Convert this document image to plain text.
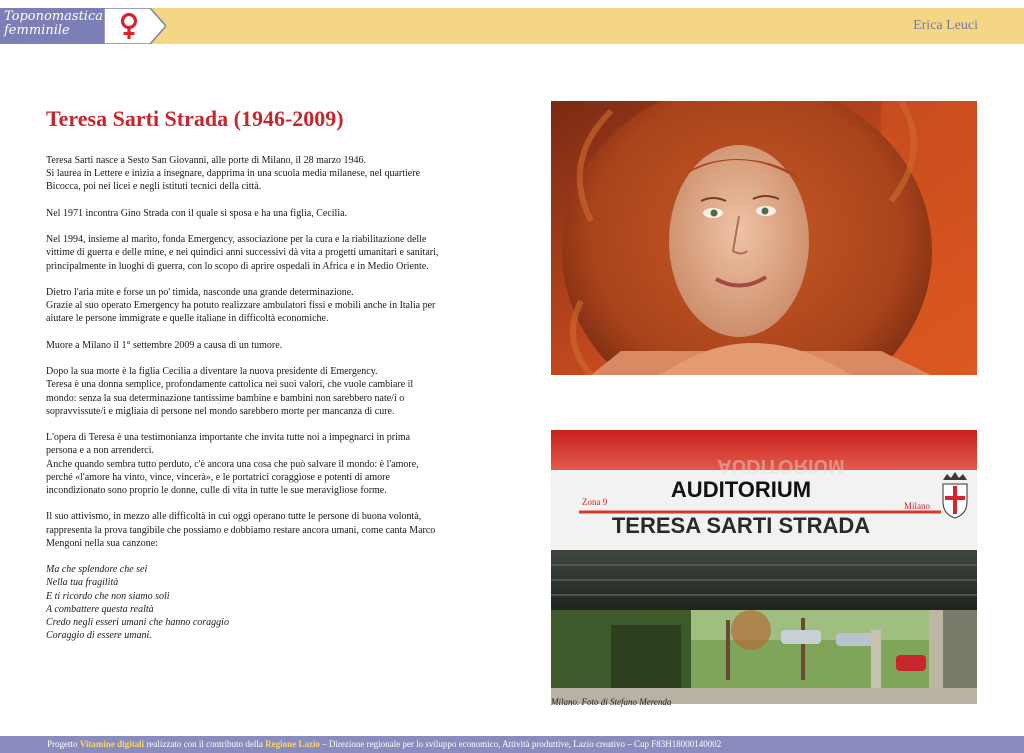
Toponomastica
femminile	Erica Leuci
Teresa Sarti Strada (1946-2009)

Teresa Sarti nasce a Sesto San Giovanni, alle porte di Milano, il 28 marzo 1946.
Si laurea in Lettere e inizia a insegnare, dapprima in una scuola media milanese, nel quartiere
Bicocca, poi nei licei e negli istituti tecnici della città.

Nel 1971 incontra Gino Strada con il quale si sposa e ha una figlia, Cecilia.

Nel 1994, insieme al marito, fonda Emergency, associazione per la cura e la riabilitazione delle
vittime di guerra e delle mine, e nei quindici anni successivi dà vita a progetti umanitari e sanitari,
principalmente in luoghi di guerra, con lo scopo di aprire ospedali in Africa e in Medio Oriente.

Dietro l'aria mite e forse un po' timida, nasconde una grande determinazione.
Grazie al suo operato Emergency ha potuto realizzare ambulatori fissi e mobili anche in Italia per
aiutare le persone immigrate e quelle italiane in difficoltà economiche.

Muore a Milano il 1° settembre 2009 a causa di un tumore.

Dopo la sua morte è la figlia Cecilia a diventare la nuova presidente di Emergency.
Teresa è una donna semplice, profondamente cattolica nei suoi valori, che vuole cambiare il
mondo: senza la sua determinazione tantissime bambine e bambini non sarebbero nate/i o
sopravvissute/i e migliaia di persone nel mondo sarebbero morte per mancanza di cure.

L'opera di Teresa è una testimonianza importante che invita tutte noi a impegnarci in prima
persona e a non arrenderci.
Anche quando sembra tutto perduto, c'è ancora una cosa che può salvare il mondo: è l'amore,
perché «l'amore ha vinto, vince, vincerà», e le portatrici coraggiose e potenti di amore
incondizionato sono proprio le donne, culle di vita in tutte le sue meravigliose forme.

Il suo attivismo, in mezzo alle difficoltà in cui oggi operano tutte le persone di buona volontà,
rappresenta la prova tangibile che possiamo e dobbiamo restare ancora umani, come canta Marco
Mengoni nella sua canzone:

Ma che splendore che sei
Nella tua fragilità
E ti ricordo che non siamo soli
A combattere questa realtà
Credo negli esseri umani che hanno coraggio
Coraggio di essere umani.

AUDITORIUM
AUDITORIUM
Zona 9	Milano
TERESA SARTI STRADA
Milano. Foto di Stefano Merenda
Progetto Vitamine digitali realizzato con il contributo della Regione Lazio – Direzione regionale per lo sviluppo economico, Attività produttive, Lazio creativo – Cup F83H18000140002
